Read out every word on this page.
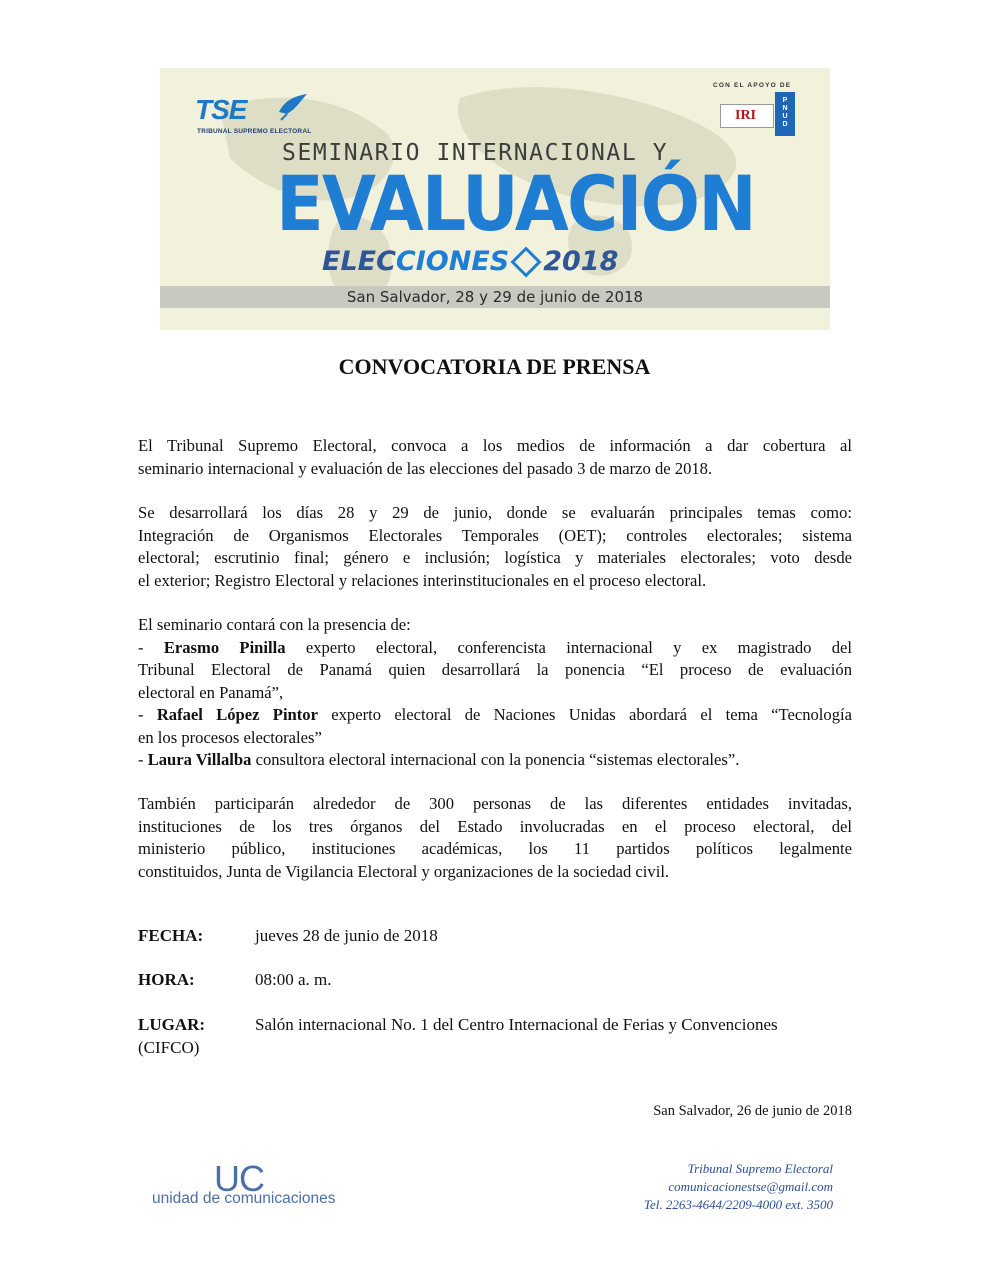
TSE
TRIBUNAL SUPREMO ELECTORAL
CON EL APOYO DE
IRI
P
N
U
D
SEMINARIO INTERNACIONAL Y
EVALUACIÓN
ELECCIONES 2018
San Salvador, 28 y 29 de junio de 2018
CONVOCATORIA DE PRENSA
El Tribunal Supremo Electoral, convoca a los medios de información a dar cobertura al
seminario internacional y evaluación de las elecciones del pasado 3 de marzo de 2018.
Se desarrollará los días 28 y 29 de junio, donde se evaluarán principales temas como:
Integración de Organismos Electorales Temporales (OET); controles electorales; sistema
electoral; escrutinio final; género e inclusión; logística y materiales electorales; voto desde
el exterior; Registro Electoral y relaciones interinstitucionales en el proceso electoral.
El seminario contará con la presencia de:
- Erasmo Pinilla experto electoral, conferencista internacional y ex magistrado del
Tribunal Electoral de Panamá quien desarrollará la ponencia “El proceso de evaluación
electoral en Panamá”,
- Rafael López Pintor experto electoral de Naciones Unidas abordará el tema “Tecnología
en los procesos electorales”
- Laura Villalba consultora electoral internacional con la ponencia “sistemas electorales”.
También participarán alrededor de 300 personas de las diferentes entidades invitadas,
instituciones de los tres órganos del Estado involucradas en el proceso electoral, del
ministerio público, instituciones académicas, los 11 partidos políticos legalmente
constituidos, Junta de Vigilancia Electoral y organizaciones de la sociedad civil.
FECHA:	jueves 28 de junio de 2018
HORA:	08:00 a. m.
LUGAR:	Salón internacional No. 1 del Centro Internacional de Ferias y Convenciones
(CIFCO)
San Salvador, 26 de junio de 2018
UC
unidad de comunicaciones
Tribunal Supremo Electoral
comunicacionestse@gmail.com
Tel. 2263-4644/2209-4000 ext. 3500
